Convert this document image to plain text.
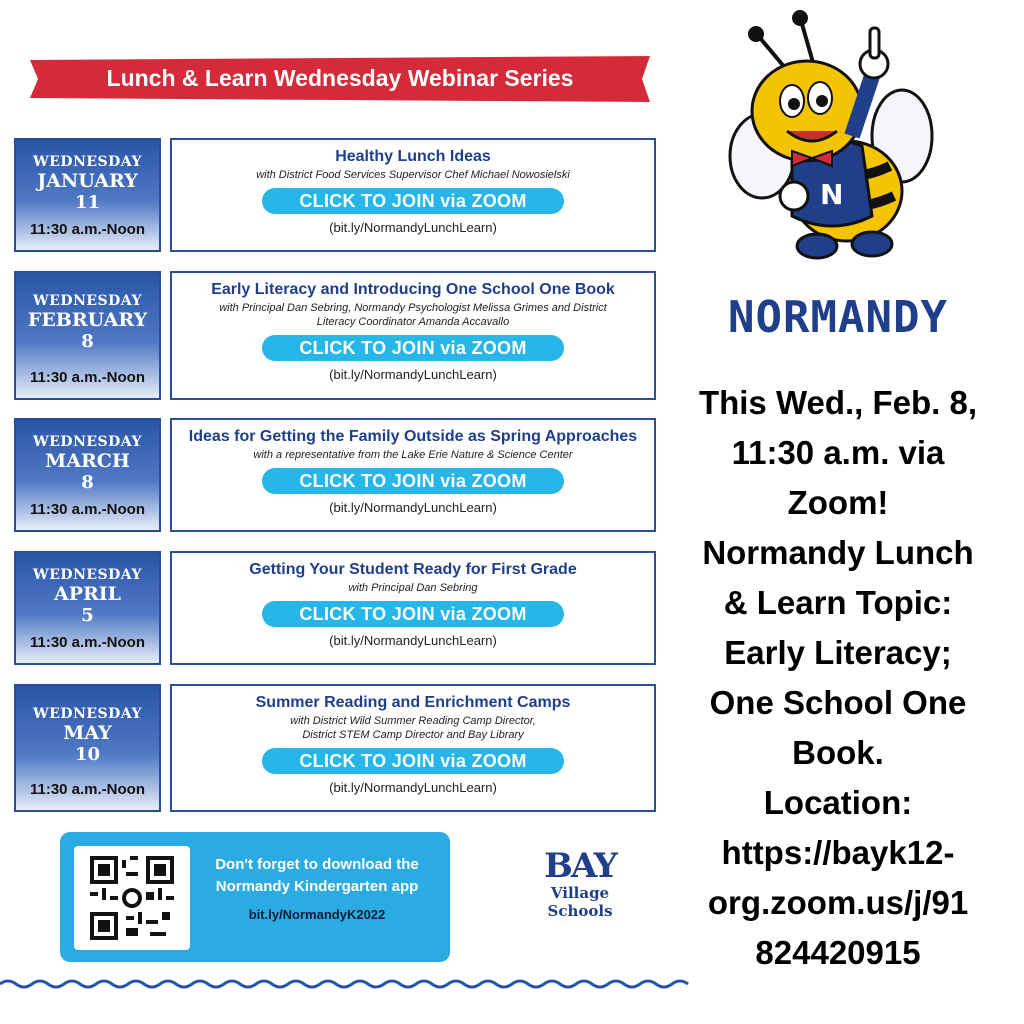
Lunch & Learn Wednesday Webinar Series
WEDNESDAY
JANUARY
11
11:30 a.m.-Noon
Healthy Lunch Ideas
with District Food Services Supervisor Chef Michael Nowosielski
CLICK TO JOIN via ZOOM
(bit.ly/NormandyLunchLearn)
WEDNESDAY
FEBRUARY
8
11:30 a.m.-Noon
Early Literacy and Introducing One School One Book
with Principal Dan Sebring, Normandy Psychologist Melissa Grimes and District Literacy Coordinator Amanda Accavallo
CLICK TO JOIN via ZOOM
(bit.ly/NormandyLunchLearn)
WEDNESDAY
MARCH
8
11:30 a.m.-Noon
Ideas for Getting the Family Outside as Spring Approaches
with a representative from the Lake Erie Nature & Science Center
CLICK TO JOIN via ZOOM
(bit.ly/NormandyLunchLearn)
WEDNESDAY
APRIL
5
11:30 a.m.-Noon
Getting Your Student Ready for First Grade
with Principal Dan Sebring
CLICK TO JOIN via ZOOM
(bit.ly/NormandyLunchLearn)
WEDNESDAY
MAY
10
11:30 a.m.-Noon
Summer Reading and Enrichment Camps
with District Wild Summer Reading Camp Director, District STEM Camp Director and Bay Library
CLICK TO JOIN via ZOOM
(bit.ly/NormandyLunchLearn)
Don't forget to download the
Normandy Kindergarten app
bit.ly/NormandyK2022
BAY
Village
Schools
N
NORMANDY
This Wed., Feb. 8,
11:30 a.m. via
Zoom!
Normandy Lunch
& Learn Topic:
Early Literacy;
One School One
Book.
Location:
https://bayk12-
org.zoom.us/j/91
824420915
